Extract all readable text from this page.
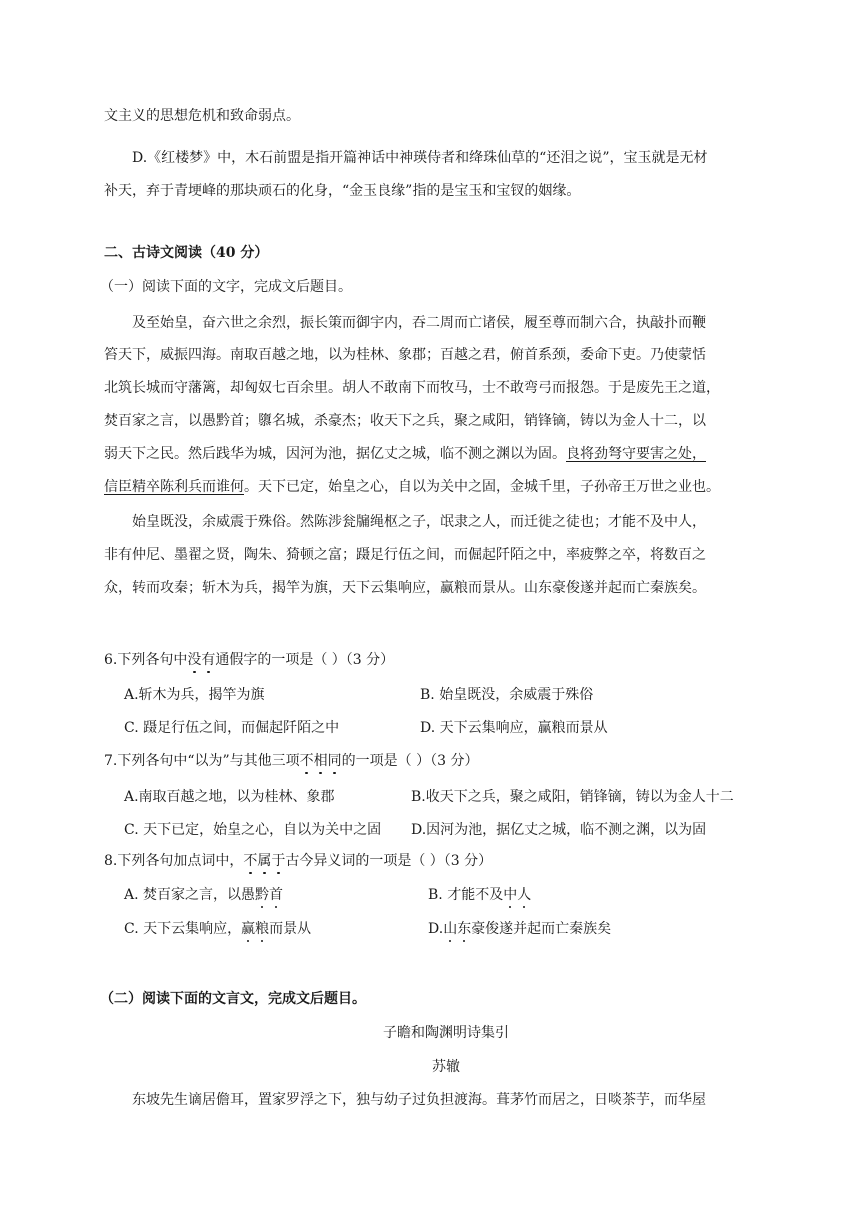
文主义的思想危机和致命弱点。
D.《红楼梦》中，木石前盟是指开篇神话中神瑛侍者和绛珠仙草的“还泪之说”，宝玉就是无材
补天，弃于青埂峰的那块顽石的化身，“金玉良缘”指的是宝玉和宝钗的姻缘。
二、古诗文阅读（40 分）
（一）阅读下面的文字，完成文后题目。
及至始皇，奋六世之余烈，振长策而御宇内，吞二周而亡诸侯，履至尊而制六合，执敲扑而鞭
笞天下，威振四海。南取百越之地，以为桂林、象郡；百越之君，俯首系颈，委命下吏。乃使蒙恬
北筑长城而守藩篱，却匈奴七百余里。胡人不敢南下而牧马，士不敢弯弓而报怨。于是废先王之道，
焚百家之言，以愚黔首；隳名城，杀豪杰；收天下之兵，聚之咸阳，销锋镝，铸以为金人十二，以
弱天下之民。然后践华为城，因河为池，据亿丈之城，临不测之渊以为固。良将劲弩守要害之处，
信臣精卒陈利兵而谁何。天下已定，始皇之心，自以为关中之固，金城千里，子孙帝王万世之业也。
始皇既没，余威震于殊俗。然陈涉瓮牖绳枢之子，氓隶之人，而迁徙之徒也；才能不及中人，
非有仲尼、墨翟之贤，陶朱、猗顿之富；蹑足行伍之间，而倔起阡陌之中，率疲弊之卒，将数百之
众，转而攻秦；斩木为兵，揭竿为旗，天下云集响应，赢粮而景从。山东豪俊遂并起而亡秦族矣。
6.下列各句中没有通假字的一项是（ ）（3 分）
A.斩木为兵，揭竿为旗	B. 始皇既没，余威震于殊俗
C. 蹑足行伍之间，而倔起阡陌之中	D. 天下云集响应，赢粮而景从
7.下列各句中“以为”与其他三项不相同的一项是（ ）（3 分）
A.南取百越之地，以为桂林、象郡	B.收天下之兵，聚之咸阳，销锋镝，铸以为金人十二
C. 天下已定，始皇之心，自以为关中之固 D.因河为池，据亿丈之城，临不测之渊，以为固
8.下列各句加点词中，不属于古今异义词的一项是（ ）（3 分）
A. 焚百家之言，以愚黔首	B. 才能不及中人
C. 天下云集响应，赢粮而景从	D.山东豪俊遂并起而亡秦族矣
（二）阅读下面的文言文，完成文后题目。
子瞻和陶渊明诗集引
苏辙
东坡先生谪居儋耳，置家罗浮之下，独与幼子过负担渡海。葺茅竹而居之，日啖茶芋，而华屋
